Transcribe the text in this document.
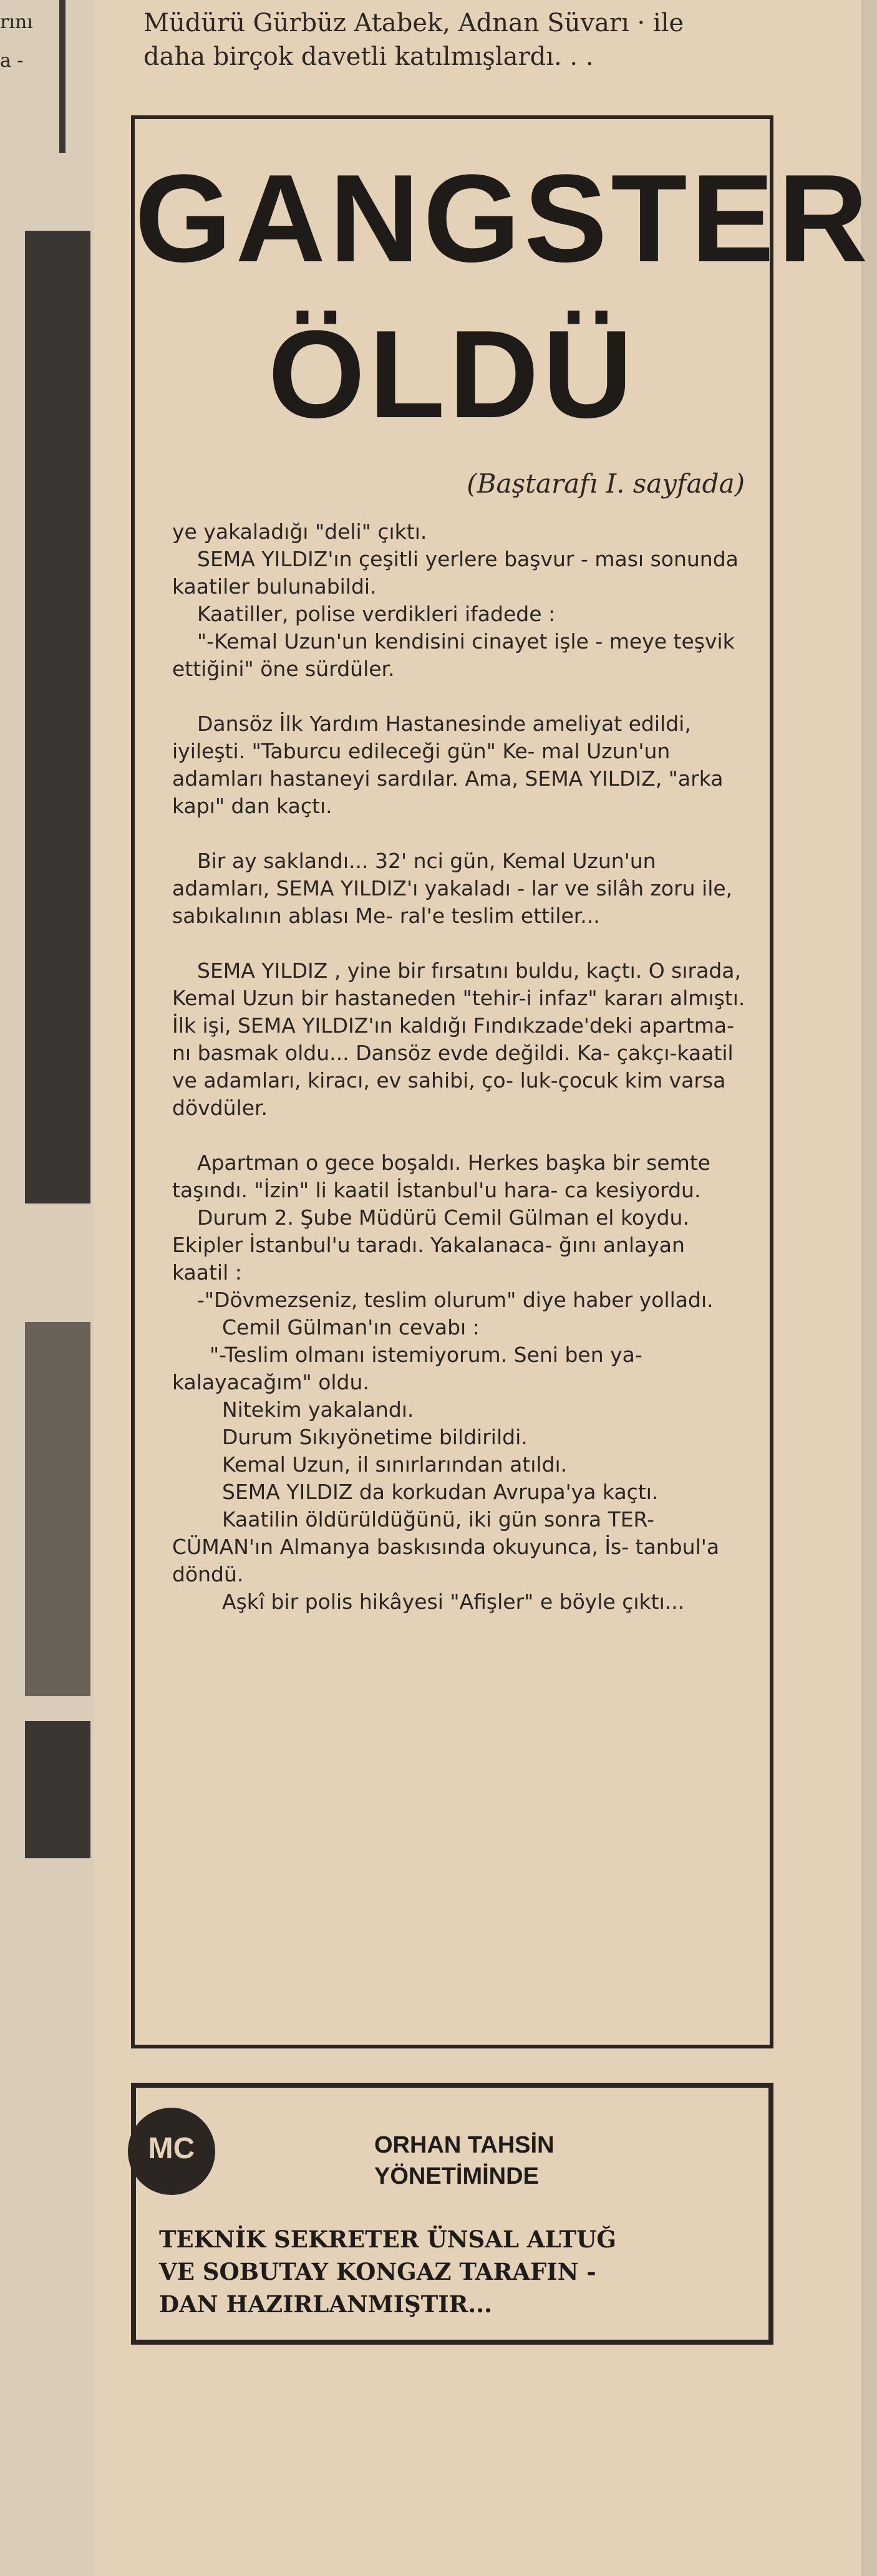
rını
a -
Müdürü Gürbüz Atabek, Adnan Süvarı · ile
daha birçok davetli katılmışlardı. . .
GANGSTER
ÖLDÜ
(Baştarafı I. sayfada)

ye yakaladığı "deli" çıktı.

SEMA YILDIZ'ın çeşitli yerlere başvur - ması sonunda kaatiler bulunabildi.

Kaatiller, polise verdikleri ifadede :

"-Kemal Uzun'un kendisini cinayet işle - meye teşvik ettiğini" öne sürdüler.

Dansöz İlk Yardım Hastanesinde ameliyat edildi, iyileşti. "Taburcu edileceği gün" Ke- mal Uzun'un adamları hastaneyi sardılar. Ama, SEMA YILDIZ, "arka kapı" dan kaçtı.

Bir ay saklandı... 32' nci gün, Kemal Uzun'un adamları, SEMA YILDIZ'ı yakaladı - lar ve silâh zoru ile, sabıkalının ablası Me- ral'e teslim ettiler...

SEMA YILDIZ , yine bir fırsatını buldu, kaçtı. O sırada, Kemal Uzun bir hastaneden "tehir-i infaz" kararı almıştı. İlk işi, SEMA YILDIZ'ın kaldığı Fındıkzade'deki apartma- nı basmak oldu... Dansöz evde değildi. Ka- çakçı-kaatil ve adamları, kiracı, ev sahibi, ço- luk-çocuk kim varsa dövdüler.

Apartman o gece boşaldı. Herkes başka bir semte taşındı. "İzin" li kaatil İstanbul'u hara- ca kesiyordu.

Durum 2. Şube Müdürü Cemil Gülman el koydu. Ekipler İstanbul'u taradı. Yakalanaca- ğını anlayan kaatil :

-"Dövmezseniz, teslim olurum" diye haber yolladı.

Cemil Gülman'ın cevabı :

"-Teslim olmanı istemiyorum. Seni ben ya- kalayacağım" oldu.

Nitekim yakalandı.

Durum Sıkıyönetime bildirildi.

Kemal Uzun, il sınırlarından atıldı.

SEMA YILDIZ da korkudan Avrupa'ya kaçtı.

Kaatilin öldürüldüğünü, iki gün sonra TER- CÜMAN'ın Almanya baskısında okuyunca, İs- tanbul'a döndü.

Aşkî bir polis hikâyesi "Afişler" e böyle çıktı...

MC	ORHAN TAHSİN
YÖNETİMİNDE
TEKNİK SEKRETER ÜNSAL ALTUĞ
VE SOBUTAY KONGAZ TARAFIN -
DAN HAZIRLANMIŞTIR...
